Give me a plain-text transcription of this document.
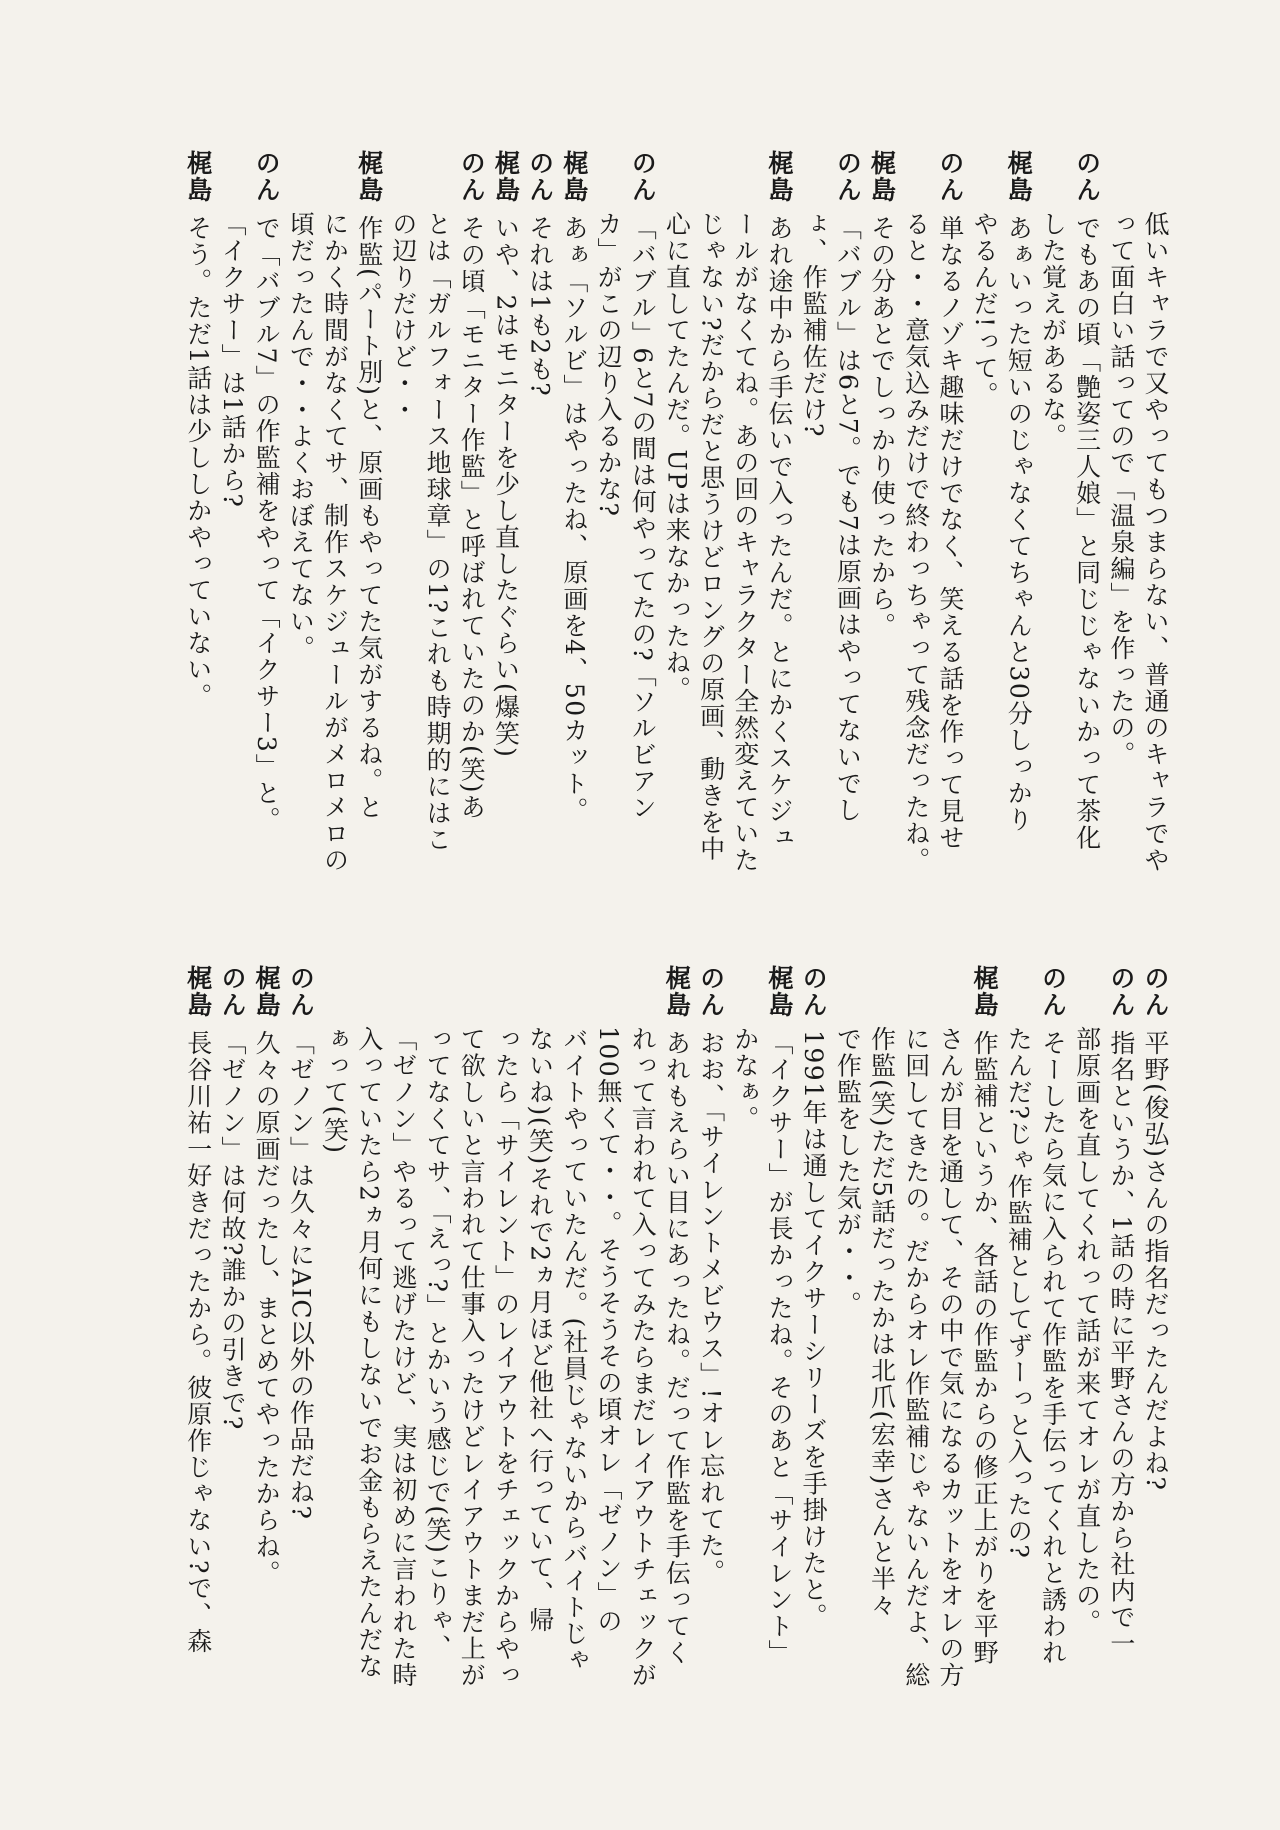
低いキャラで又やってもつまらない、普通のキャラでや
って面白い話ってので「温泉編」を作ったの。
のんでもあの頃「艶姿三人娘」と同じじゃないかって茶化
した覚えがあるな。
梶島あぁいった短いのじゃなくてちゃんと30分しっかり
やるんだ!って。
のん単なるノゾキ趣味だけでなく、笑える話を作って見せ
ると・・意気込みだけで終わっちゃって残念だったね。
梶島その分あとでしっかり使ったから。
のん「バブル」は6と7。でも7は原画はやってないでし
ょ、作監補佐だけ?
梶島あれ途中から手伝いで入ったんだ。とにかくスケジュ
ールがなくてね。あの回のキャラクター全然変えていた
じゃない?だからだと思うけどロングの原画、動きを中
心に直してたんだ。UPは来なかったね。
のん「バブル」6と7の間は何やってたの?「ソルビアン
カ」がこの辺り入るかな?
梶島あぁ「ソルビ」はやったね、原画を4、50カット。
のんそれは1も2も?
梶島いや、2はモニターを少し直したぐらい(爆笑)
のんその頃「モニター作監」と呼ばれていたのか(笑)あ
とは「ガルフォース地球章」の1?これも時期的にはこ
の辺りだけど・・
梶島作監(パート別)と、原画もやってた気がするね。と
にかく時間がなくてサ、制作スケジュールがメロメロの
頃だったんで・・よくおぼえてない。
のんで「バブル7」の作監補をやって「イクサー3」と。
「イクサー」は1話から?
梶島そう。ただ1話は少ししかやっていない。
のん平野(俊弘)さんの指名だったんだよね?
のん指名というか、1話の時に平野さんの方から社内で一
部原画を直してくれって話が来てオレが直したの。
のんそーしたら気に入られて作監を手伝ってくれと誘われ
たんだ?じゃ作監補としてずーっと入ったの?
梶島作監補というか、各話の作監からの修正上がりを平野
さんが目を通して、その中で気になるカットをオレの方
に回してきたの。だからオレ作監補じゃないんだよ、総
作監(笑)ただ5話だったかは北爪(宏幸)さんと半々
で作監をした気が・・。
のん1991年は通してイクサーシリーズを手掛けたと。
梶島「イクサー」が長かったね。そのあと「サイレント」
かなぁ。
のんおお、「サイレントメビウス」!オレ忘れてた。
梶島あれもえらい目にあったね。だって作監を手伝ってく
れって言われて入ってみたらまだレイアウトチェックが
100無くて・・。そうそうその頃オレ「ゼノン」の
バイトやっていたんだ。(社員じゃないからバイトじゃ
ないね)(笑)それで2ヵ月ほど他社へ行っていて、帰
ったら「サイレント」のレイアウトをチェックからやっ
て欲しいと言われて仕事入ったけどレイアウトまだ上が
ってなくてサ、「えっ?」とかいう感じで(笑)こりゃ、
「ゼノン」やるって逃げたけど、実は初めに言われた時
入っていたら2ヵ月何にもしないでお金もらえたんだな
ぁって(笑)
のん「ゼノン」は久々にAIC以外の作品だね?
梶島久々の原画だったし、まとめてやったからね。
のん「ゼノン」は何故?誰かの引きで?
梶島長谷川祐一好きだったから。彼原作じゃない?で、森
